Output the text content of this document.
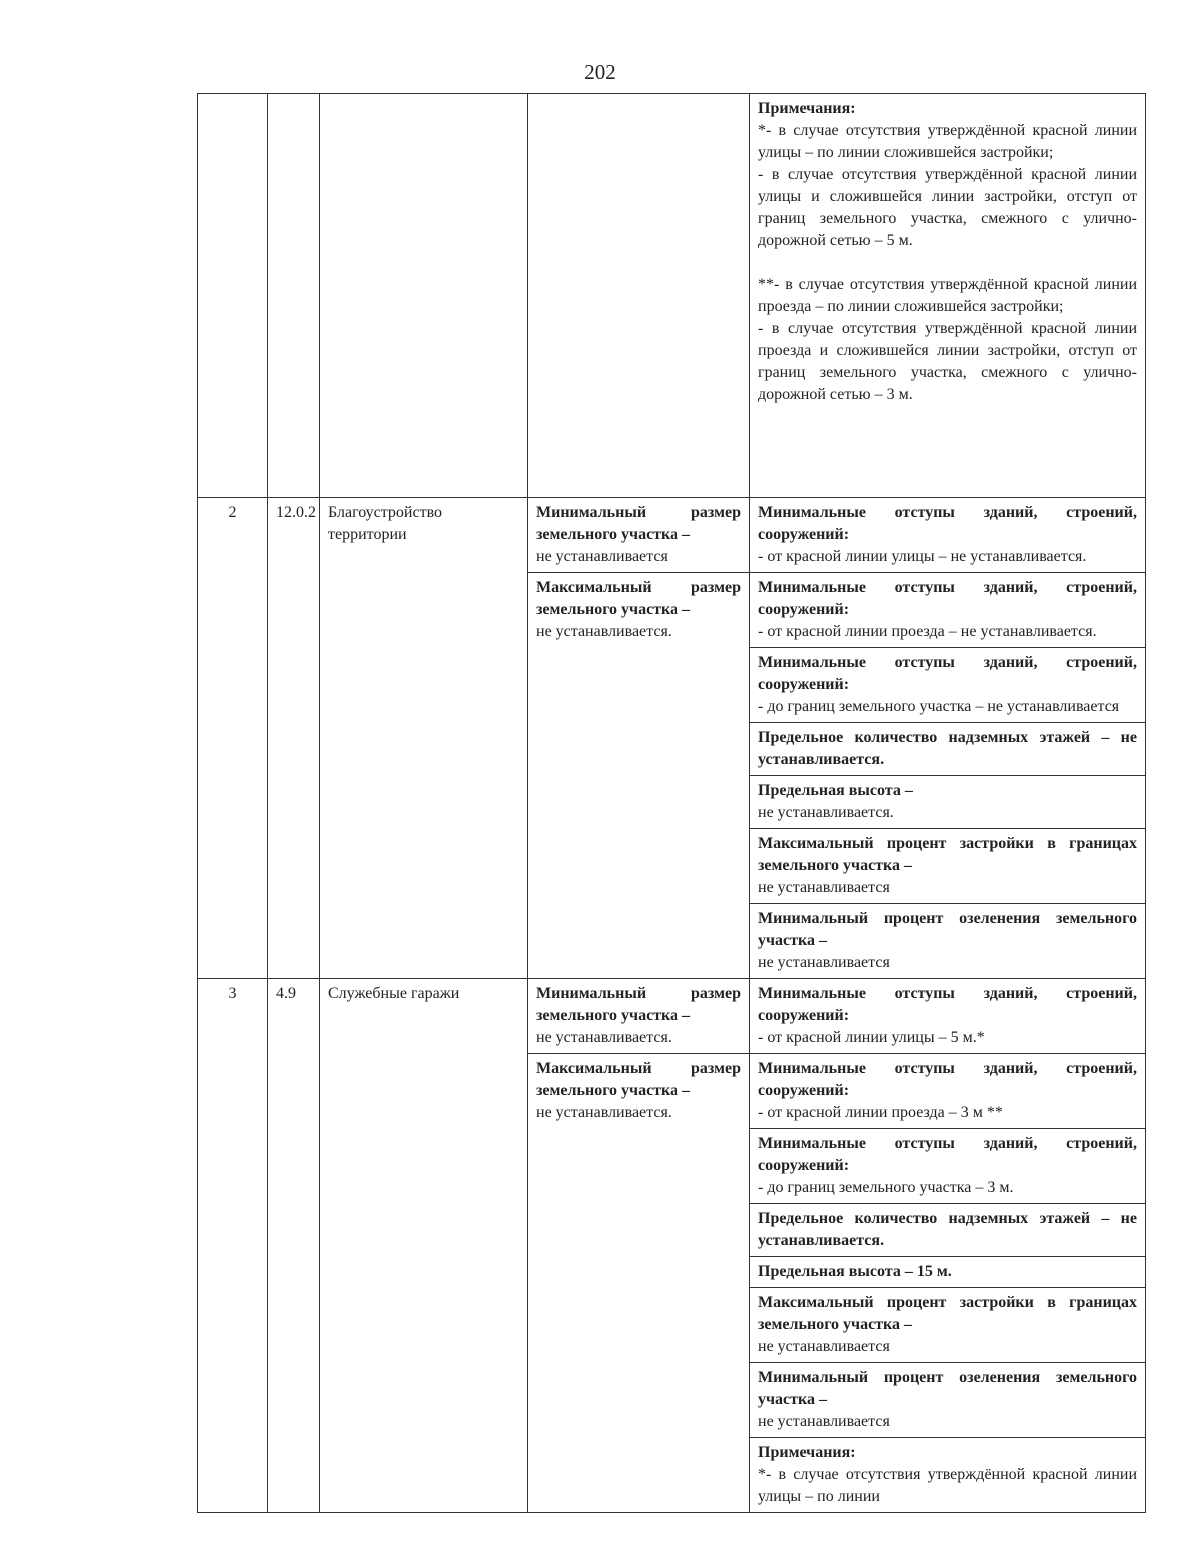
202

				Примечания:
*- в случае отсутствия утверждённой красной линии улицы – по линии сложившейся застройки;
- в случае отсутствия утверждённой красной линии улицы и сложившейся линии застройки, отступ от границ земельного участка, смежного с улично-дорожной сетью – 5 м.
**- в случае отсутствия утверждённой красной линии проезда – по линии сложившейся застройки;
- в случае отсутствия утверждённой красной линии проезда и сложившейся линии застройки, отступ от границ земельного участка, смежного с улично-дорожной сетью – 3 м.

2	12.0.2	Благоустройство территории	Минимальный размер земельного участка –
не устанавливается	Минимальные отступы зданий, строений, сооружений:
- от красной линии улицы – не устанавливается.
			Максимальный размер земельного участка –
не устанавливается.	Минимальные отступы зданий, строений, сооружений:
- от красной линии проезда – не устанавливается.
				Минимальные отступы зданий, строений, сооружений:
- до границ земельного участка – не устанавливается
				Предельное количество надземных этажей – не устанавливается.
				Предельная высота –
не устанавливается.
				Максимальный процент застройки в границах земельного участка –
не устанавливается
				Минимальный процент озеленения земельного участка –
не устанавливается
3	4.9	Служебные гаражи	Минимальный размер земельного участка –
не устанавливается.	Минимальные отступы зданий, строений, сооружений:
- от красной линии улицы – 5 м.*
			Максимальный размер земельного участка –
не устанавливается.	Минимальные отступы зданий, строений, сооружений:
- от красной линии проезда – 3 м **
				Минимальные отступы зданий, строений, сооружений:
- до границ земельного участка – 3 м.
				Предельное количество надземных этажей – не устанавливается.
				Предельная высота – 15 м.
				Максимальный процент застройки в границах земельного участка –
не устанавливается
				Минимальный процент озеленения земельного участка –
не устанавливается
				Примечания:
*- в случае отсутствия утверждённой красной линии улицы – по линии
